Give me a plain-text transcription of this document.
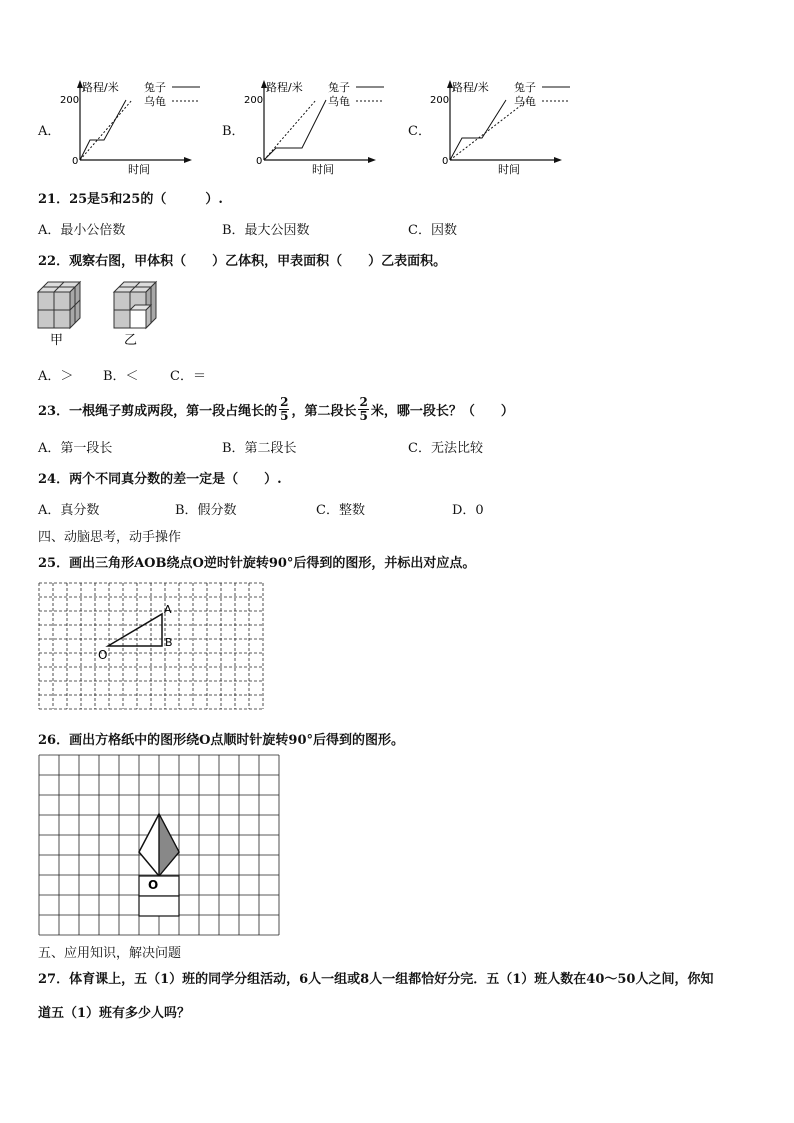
A．
路程/米
200
0
时间
兔子
乌龟
B．
路程/米
200
0
时间
兔子
乌龟
C．
路程/米
200
0
时间
兔子
乌龟
21．25是5和25的（　　　）.
A．最小公倍数	B．最大公因数	C．因数
22．观察右图，甲体积（　　）乙体积，甲表面积（　　）乙表面积。
甲	乙
A．＞ B．＜ C．＝
23．一根绳子剪成两段，第一段占绳长的 $\frac{2}{5}$ ，第二段长 $\frac{2}{5}$ 米，哪一段长？（　　）
A．第一段长	B．第二段长	C．无法比较
24．两个不同真分数的差一定是（　　）.
A．真分数	B．假分数	C．整数	D．0
四、动脑思考，动手操作
25．画出三角形AOB绕点O逆时针旋转90°后得到的图形，并标出对应点。
O
A
B
26．画出方格纸中的图形绕O点顺时针旋转90°后得到的图形。
O
五、应用知识，解决问题
27．体育课上，五（1）班的同学分组活动，6人一组或8人一组都恰好分完．五（1）班人数在40～50人之间，你知
道五（1）班有多少人吗？
